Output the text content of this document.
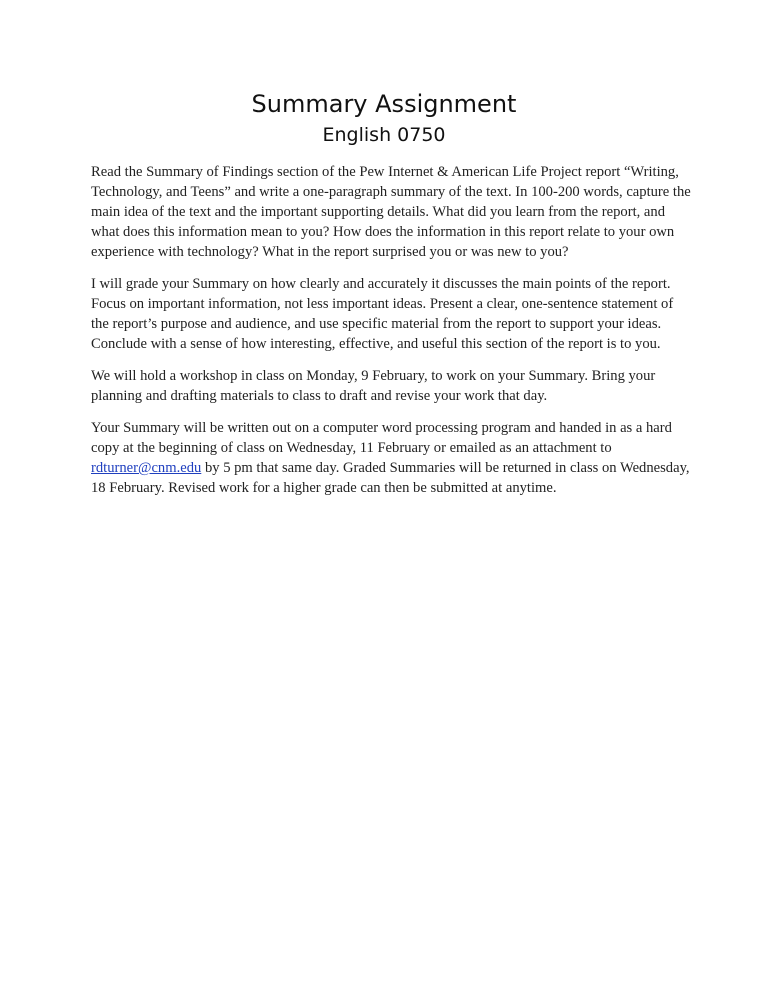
Summary Assignment
English 0750

Read the Summary of Findings section of the Pew Internet & American Life Project report “Writing, Technology, and Teens” and write a one-paragraph summary of the text. In 100-200 words, capture the main idea of the text and the important supporting details. What did you learn from the report, and what does this information mean to you? How does the information in this report relate to your own experience with technology? What in the report surprised you or was new to you?

I will grade your Summary on how clearly and accurately it discusses the main points of the report. Focus on important information, not less important ideas. Present a clear, one-sentence statement of the report’s purpose and audience, and use specific material from the report to support your ideas. Conclude with a sense of how interesting, effective, and useful this section of the report is to you.

We will hold a workshop in class on Monday, 9 February, to work on your Summary. Bring your planning and drafting materials to class to draft and revise your work that day.

Your Summary will be written out on a computer word processing program and handed in as a hard copy at the beginning of class on Wednesday, 11 February or emailed as an attachment to rdturner@cnm.edu by 5 pm that same day. Graded Summaries will be returned in class on Wednesday, 18 February. Revised work for a higher grade can then be submitted at anytime.
